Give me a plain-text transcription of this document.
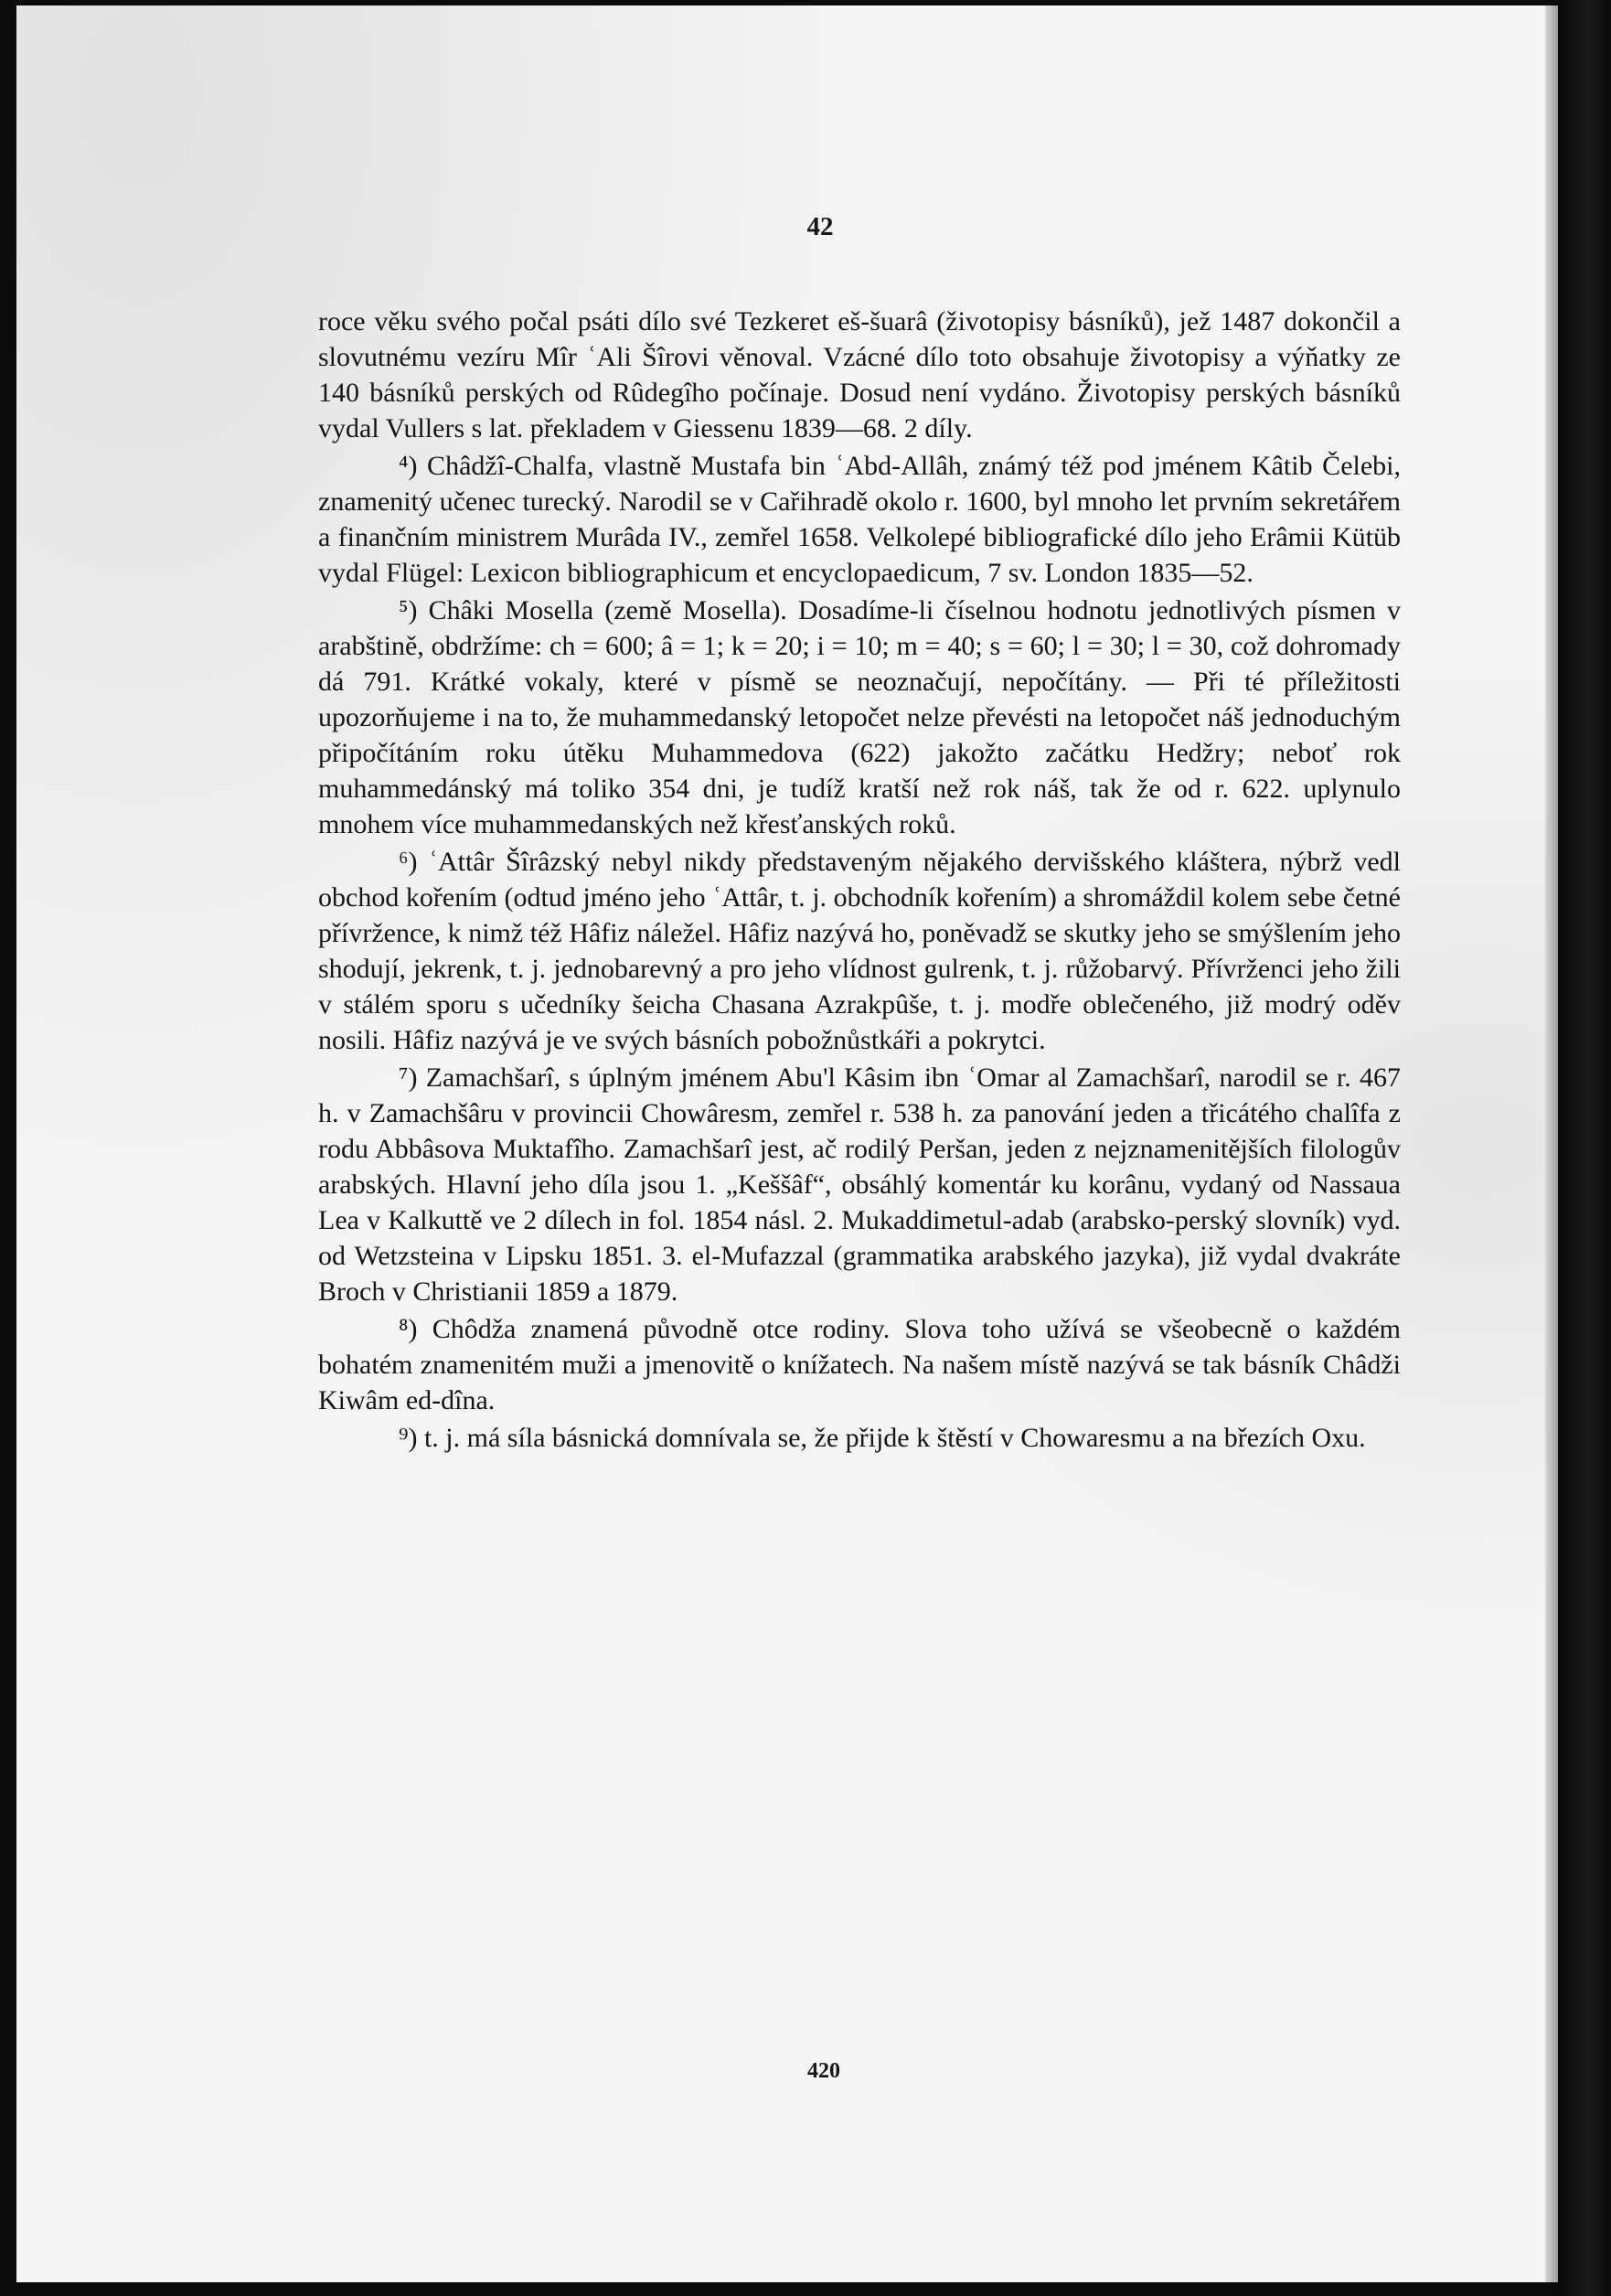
42

roce věku svého počal psáti dílo své Tezkeret eš-šuarâ (životopisy básníků), jež 1487 dokončil a slovutnému vezíru Mîr ʿAli Šîrovi věnoval. Vzácné dílo toto obsahuje životopisy a výňatky ze 140 básníků perských od Rûdegîho počínaje. Dosud není vydáno. Životopisy perských básníků vydal Vullers s lat. překladem v Giessenu 1839—68. 2 díly.

⁴) Châdžî-Chalfa, vlastně Mustafa bin ʿAbd-Allâh, známý též pod jménem Kâtib Čelebi, znamenitý učenec turecký. Narodil se v Cařihradě okolo r. 1600, byl mnoho let prvním sekretářem a finančním ministrem Murâda IV., zemřel 1658. Velkolepé bibliografické dílo jeho Erâmii Kütüb vydal Flügel: Lexicon bibliographicum et encyclopaedicum, 7 sv. London 1835—52.

⁵) Châki Mosella (země Mosella). Dosadíme-li číselnou hodnotu jednotlivých písmen v arabštině, obdržíme: ch = 600; â = 1; k = 20; i = 10; m = 40; s = 60; l = 30; l = 30, což dohromady dá 791. Krátké vokaly, které v písmě se neoznačují, nepočítány. — Při té příležitosti upozorňujeme i na to, že muhammedanský letopočet nelze převésti na letopočet náš jednoduchým připočítáním roku útěku Muhammedova (622) jakožto začátku Hedžry; neboť rok muhammedánský má toliko 354 dni, je tudíž kratší než rok náš, tak že od r. 622. uplynulo mnohem více muhammedanských než křesťanských roků.

⁶) ʿAttâr Šîrâzský nebyl nikdy představeným nějakého dervišského kláštera, nýbrž vedl obchod kořením (odtud jméno jeho ʿAttâr, t. j. obchodník kořením) a shromáždil kolem sebe četné přívržence, k nimž též Hâfiz náležel. Hâfiz nazývá ho, poněvadž se skutky jeho se smýšlením jeho shodují, jekrenk, t. j. jednobarevný a pro jeho vlídnost gulrenk, t. j. růžobarvý. Přívrženci jeho žili v stálém sporu s učedníky šeicha Chasana Azrakpûše, t. j. modře oblečeného, již modrý oděv nosili. Hâfiz nazývá je ve svých básních pobožnůstkáři a pokrytci.

⁷) Zamachšarî, s úplným jménem Abu'l Kâsim ibn ʿOmar al Zamachšarî, narodil se r. 467 h. v Zamachšâru v provincii Chowâresm, zemřel r. 538 h. za panování jeden a třicátého chalîfa z rodu Abbâsova Muktafîho. Zamachšarî jest, ač rodilý Peršan, jeden z nejznamenitějších filologův arabských. Hlavní jeho díla jsou 1. „Keššâf“, obsáhlý komentár ku korânu, vydaný od Nassaua Lea v Kalkuttě ve 2 dílech in fol. 1854 násl. 2. Mukaddimetul-adab (arabsko-perský slovník) vyd. od Wetzsteina v Lipsku 1851. 3. el-Mufazzal (grammatika arabského jazyka), již vydal dvakráte Broch v Christianii 1859 a 1879.

⁸) Chôdža znamená původně otce rodiny. Slova toho užívá se všeobecně o každém bohatém znamenitém muži a jmenovitě o knížatech. Na našem místě nazývá se tak básník Châdži Kiwâm ed-dîna.

⁹) t. j. má síla básnická domnívala se, že přijde k štěstí v Chowaresmu a na březích Oxu.

420
